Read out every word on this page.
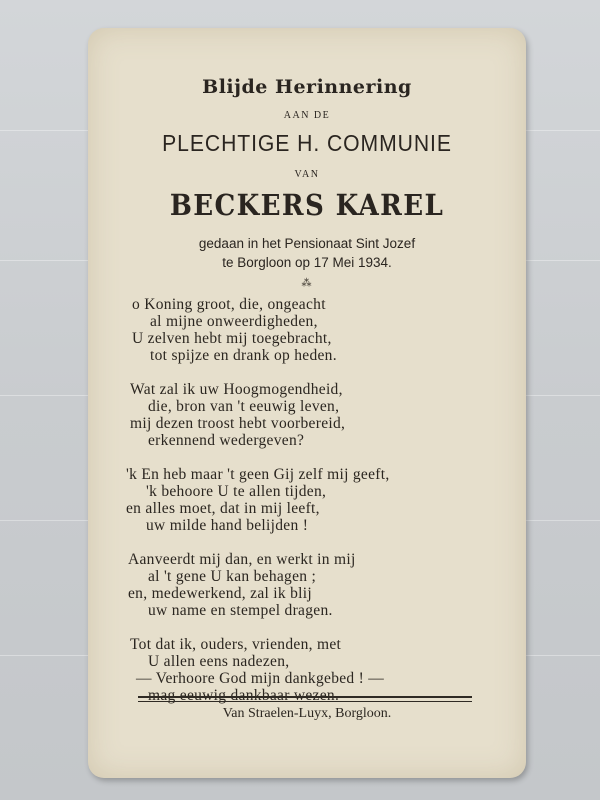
Blijde Herinnering
AAN DE
PLECHTIGE H. COMMUNIE
VAN
BECKERS KAREL
gedaan in het Pensionaat Sint Jozef
te Borgloon op 17 Mei 1934.
⁂
o Koning groot, die, ongeacht
al mijne onweerdigheden,
U zelven hebt mij toegebracht,
tot spijze en drank op heden.
Wat zal ik uw Hoogmogendheid,
die, bron van 't eeuwig leven,
mij dezen troost hebt voorbereid,
erkennend wedergeven?
'k En heb maar 't geen Gij zelf mij geeft,
'k behoore U te allen tijden,
en alles moet, dat in mij leeft,
uw milde hand belijden !
Aanveerdt mij dan, en werkt in mij
al 't gene U kan behagen ;
en, medewerkend, zal ik blij
uw name en stempel dragen.
Tot dat ik, ouders, vrienden, met
U allen eens nadezen,
— Verhoore God mijn dankgebed ! —
mag eeuwig dankbaar wezen.
Van Straelen-Luyx, Borgloon.
